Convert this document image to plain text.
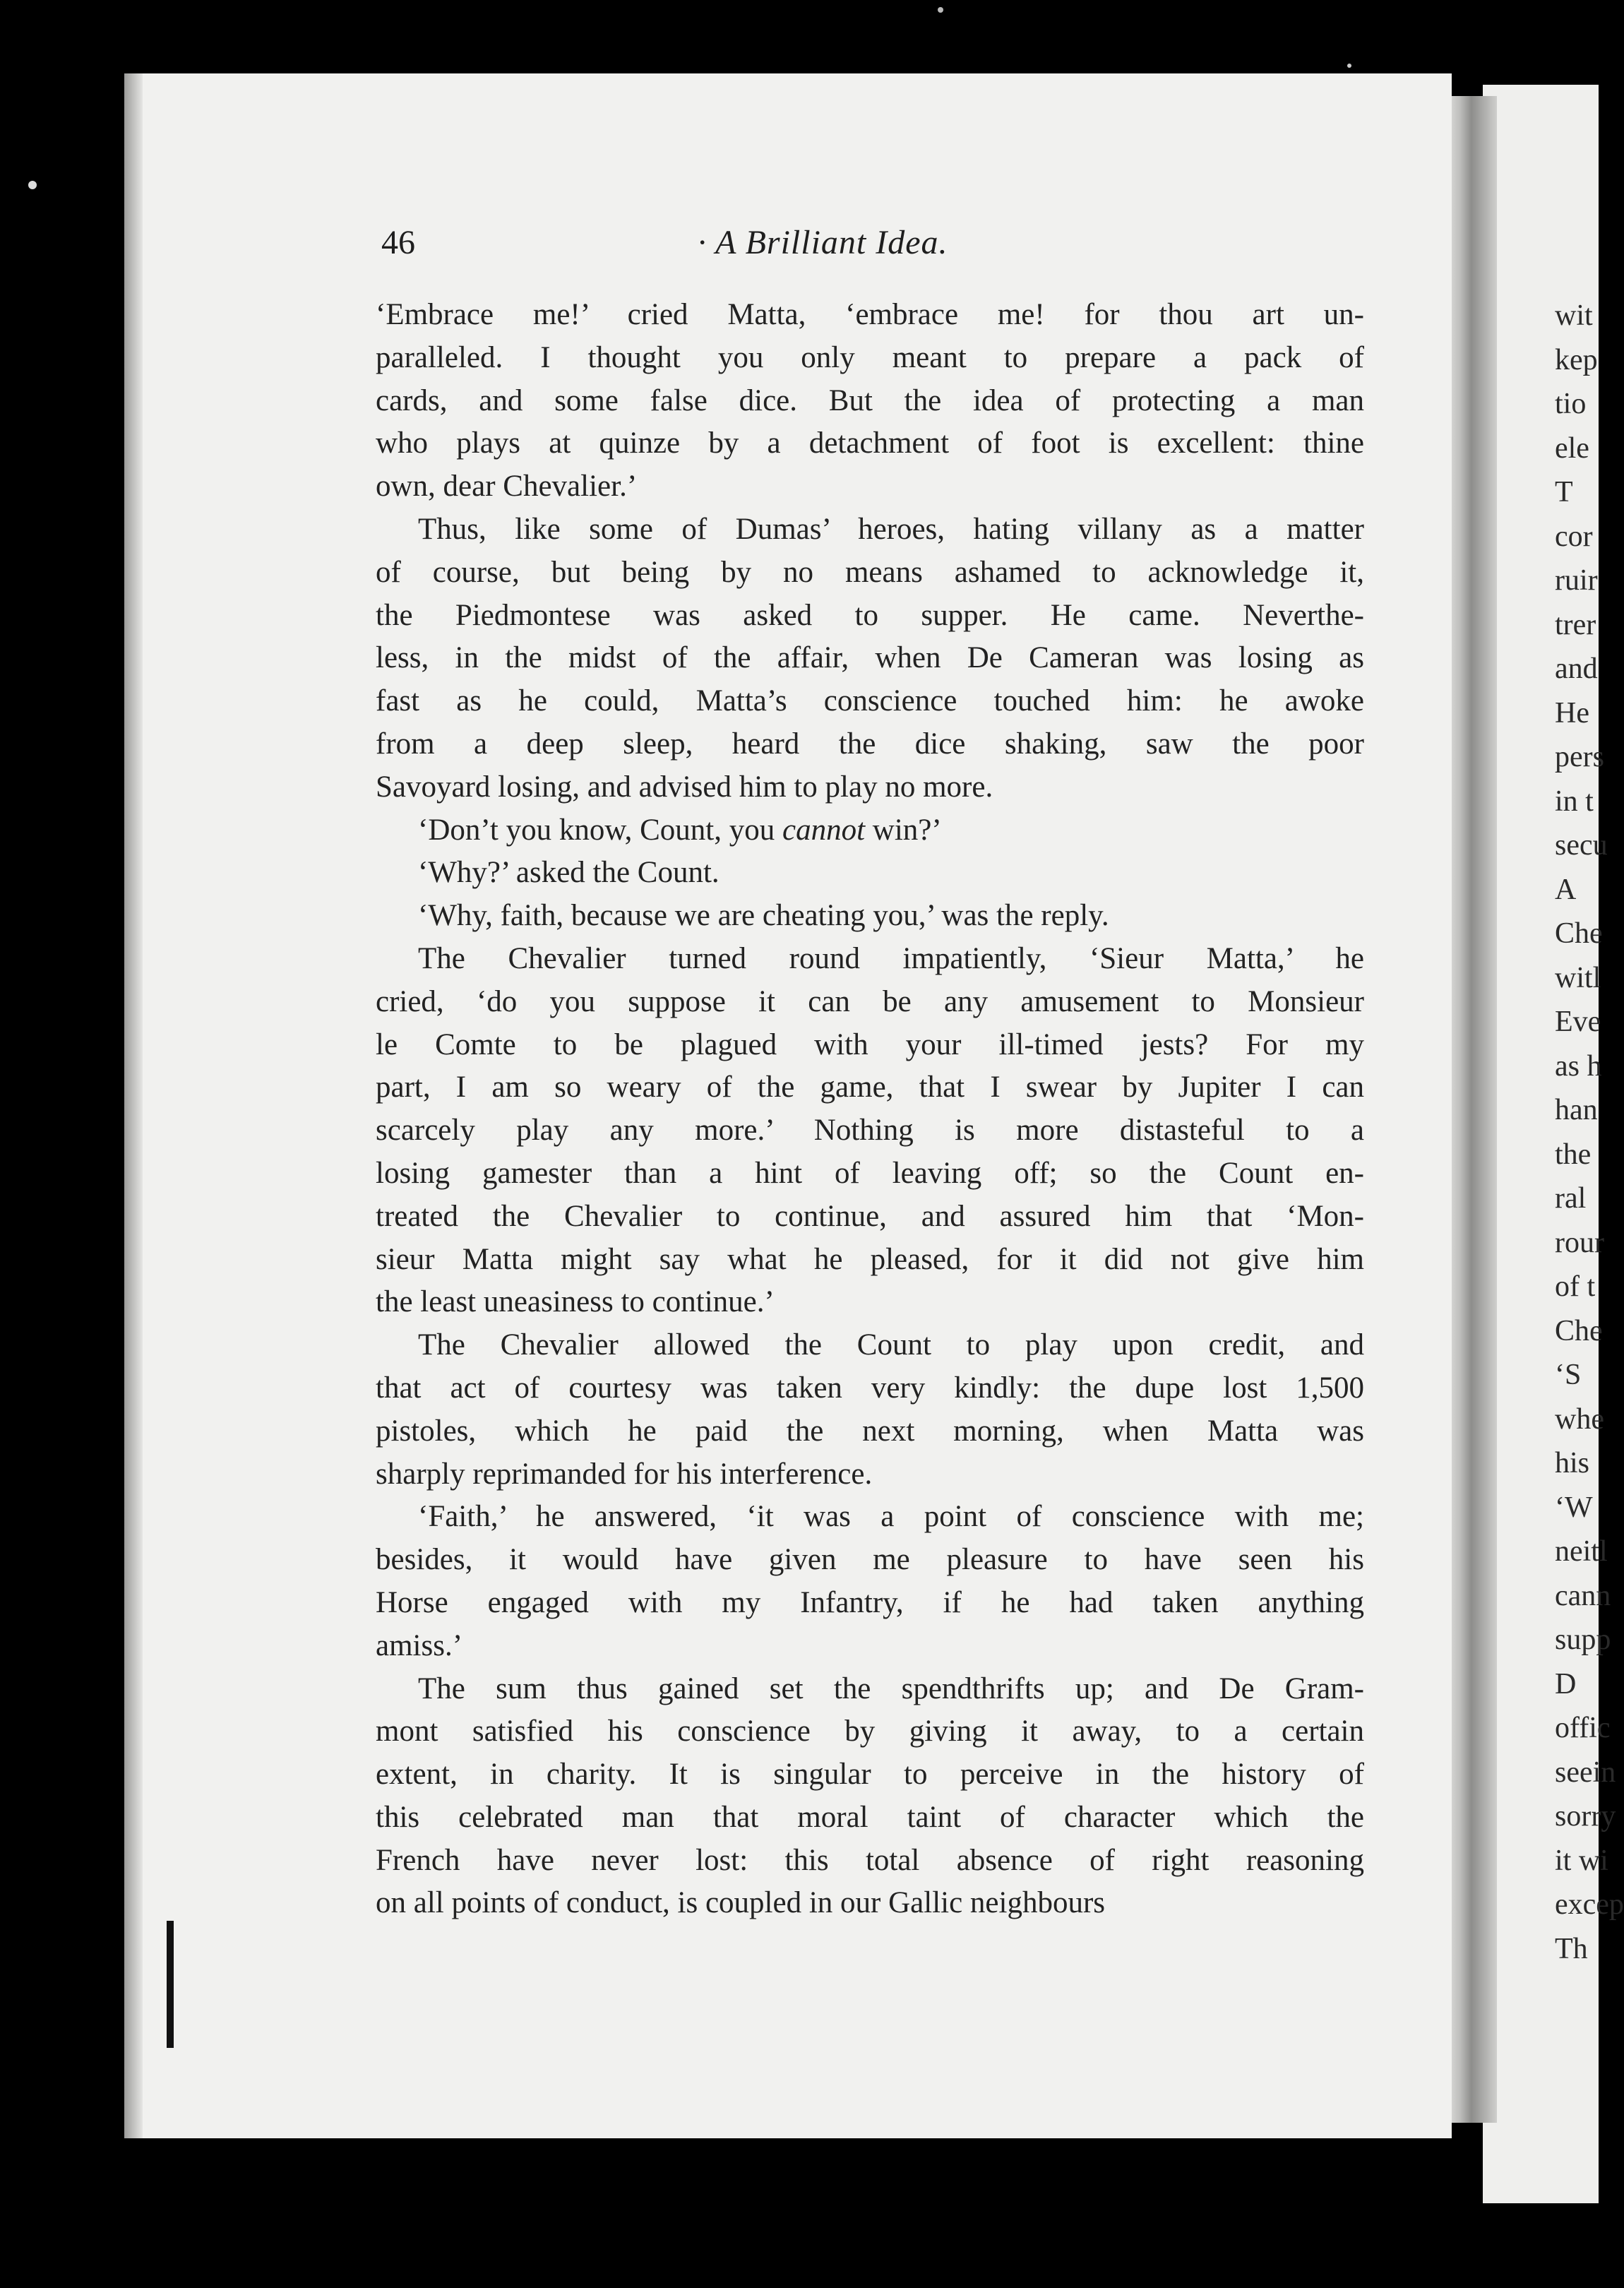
wit
kep
tio
ele
T
cor
ruir
trer
and
He
pers
in t
secu
A
Che
witl
Eve
as h
han
the
ral
rour
of t
Che
‘S
whe
his
‘W
neitl
cann
supp
D
offic
seein
sorry
it wi
excep
Th
46	· A Brilliant Idea.
‘Embrace me!’ cried Matta, ‘embrace me! for thou art un-
paralleled. I thought you only meant to prepare a pack of
cards, and some false dice. But the idea of protecting a man
who plays at quinze by a detachment of foot is excellent: thine
own, dear Chevalier.’
Thus, like some of Dumas’ heroes, hating villany as a matter
of course, but being by no means ashamed to acknowledge it,
the Piedmontese was asked to supper. He came. Neverthe-
less, in the midst of the affair, when De Cameran was losing as
fast as he could, Matta’s conscience touched him: he awoke
from a deep sleep, heard the dice shaking, saw the poor
Savoyard losing, and advised him to play no more.
‘Don’t you know, Count, you cannot win?’
‘Why?’ asked the Count.
‘Why, faith, because we are cheating you,’ was the reply.
The Chevalier turned round impatiently, ‘Sieur Matta,’ he
cried, ‘do you suppose it can be any amusement to Monsieur
le Comte to be plagued with your ill-timed jests? For my
part, I am so weary of the game, that I swear by Jupiter I can
scarcely play any more.’ Nothing is more distasteful to a
losing gamester than a hint of leaving off; so the Count en-
treated the Chevalier to continue, and assured him that ‘Mon-
sieur Matta might say what he pleased, for it did not give him
the least uneasiness to continue.’
The Chevalier allowed the Count to play upon credit, and
that act of courtesy was taken very kindly: the dupe lost 1,500
pistoles, which he paid the next morning, when Matta was
sharply reprimanded for his interference.
‘Faith,’ he answered, ‘it was a point of conscience with me;
besides, it would have given me pleasure to have seen his
Horse engaged with my Infantry, if he had taken anything
amiss.’
The sum thus gained set the spendthrifts up; and De Gram-
mont satisfied his conscience by giving it away, to a certain
extent, in charity. It is singular to perceive in the history of
this celebrated man that moral taint of character which the
French have never lost: this total absence of right reasoning
on all points of conduct, is coupled in our Gallic neighbours
